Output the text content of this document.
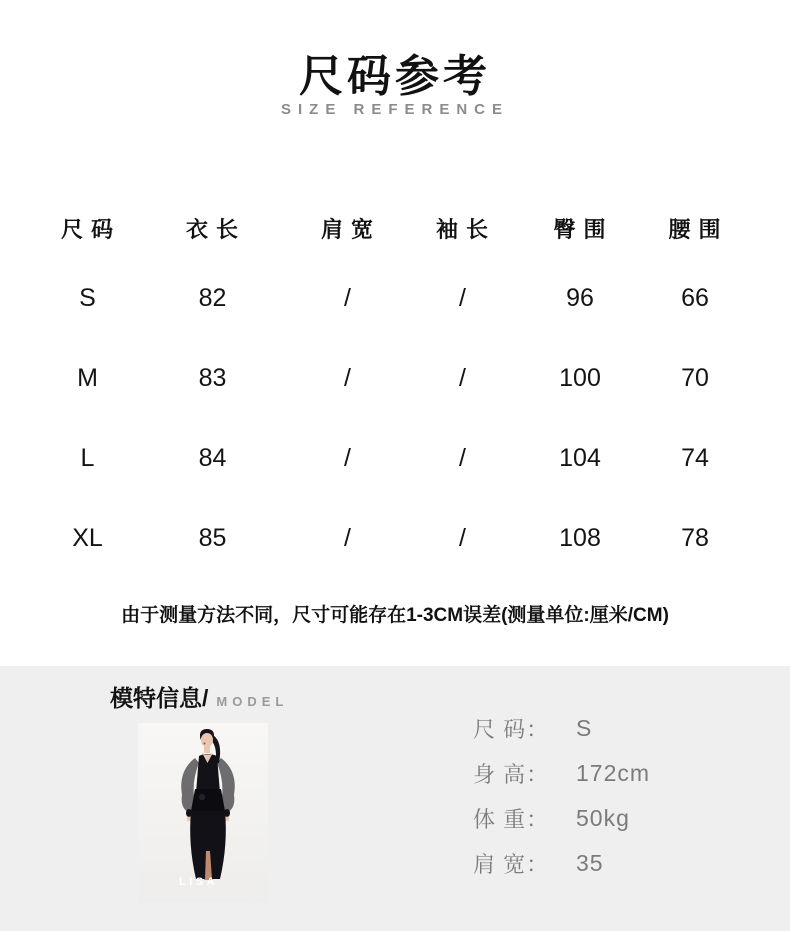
尺码参考
SIZE REFERENCE
尺 码	衣 长	肩 宽	袖 长	臀 围	腰 围
S	82	/	/	96	66
M	83	/	/	100	70
L	84	/	/	104	74
XL	85	/	/	108	78
由于测量方法不同，尺寸可能存在1-3CM误差(测量单位:厘米/CM)
模特信息/ MODEL
LISA
尺 码：	S
身 高：	172cm
体 重：	50kg
肩 宽：	35
